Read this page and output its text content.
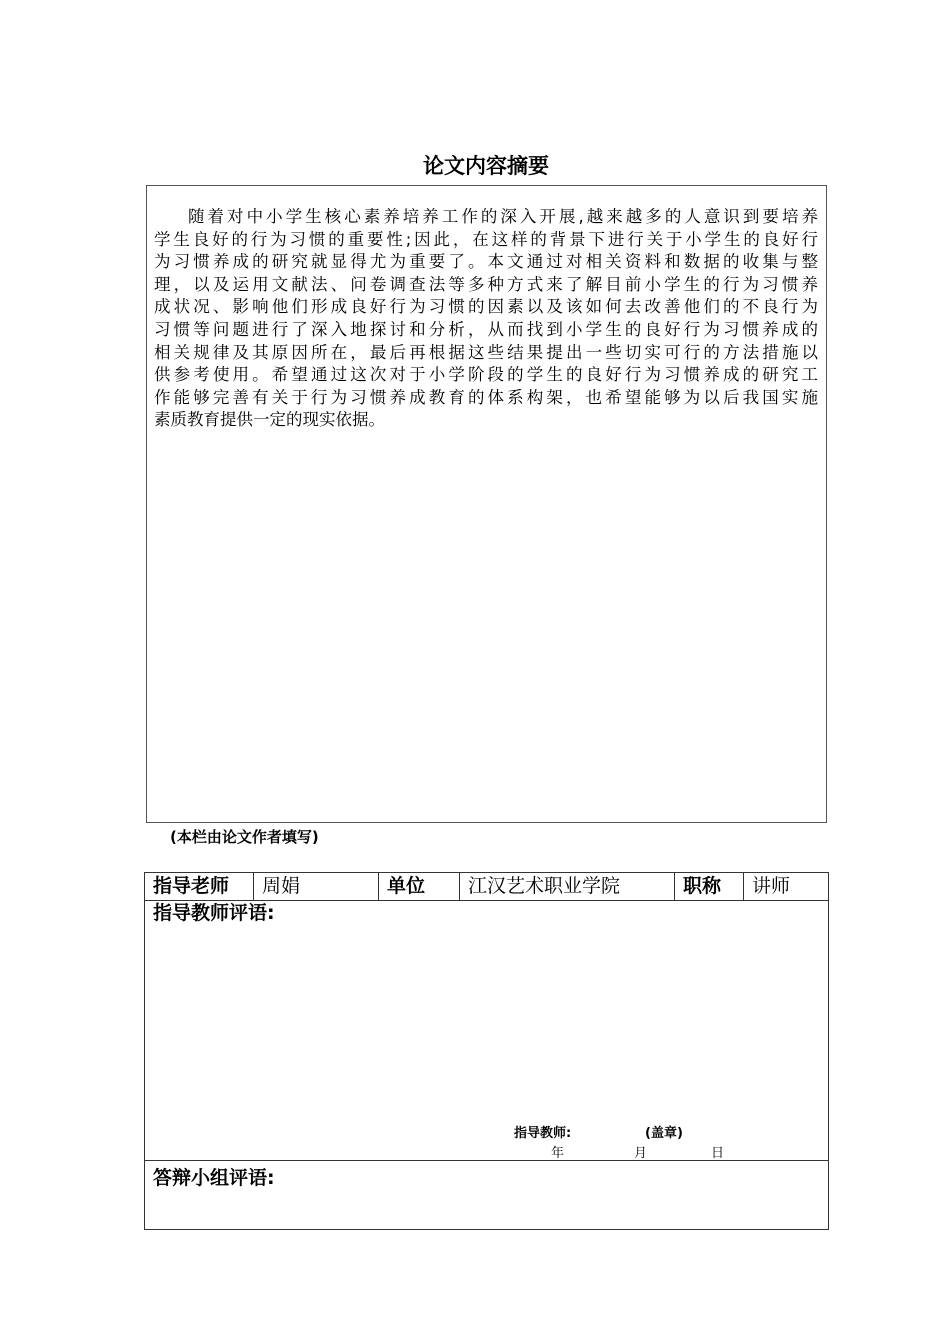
论文内容摘要
随着对中小学生核心素养培养工作的深入开展,越来越多的人意识到要培养
学生良好的行为习惯的重要性;因此，在这样的背景下进行关于小学生的良好行
为习惯养成的研究就显得尤为重要了。本文通过对相关资料和数据的收集与整
理，以及运用文献法、问卷调查法等多种方式来了解目前小学生的行为习惯养
成状况、影响他们形成良好行为习惯的因素以及该如何去改善他们的不良行为
习惯等问题进行了深入地探讨和分析，从而找到小学生的良好行为习惯养成的
相关规律及其原因所在，最后再根据这些结果提出一些切实可行的方法措施以
供参考使用。希望通过这次对于小学阶段的学生的良好行为习惯养成的研究工
作能够完善有关于行为习惯养成教育的体系构架，也希望能够为以后我国实施
素质教育提供一定的现实依据。
(本栏由论文作者填写)
指导老师	周娟	单位	江汉艺术职业学院	职称	讲师
指导教师评语:
答辩小组评语:
指导教师:	(盖章)
年	月	日
